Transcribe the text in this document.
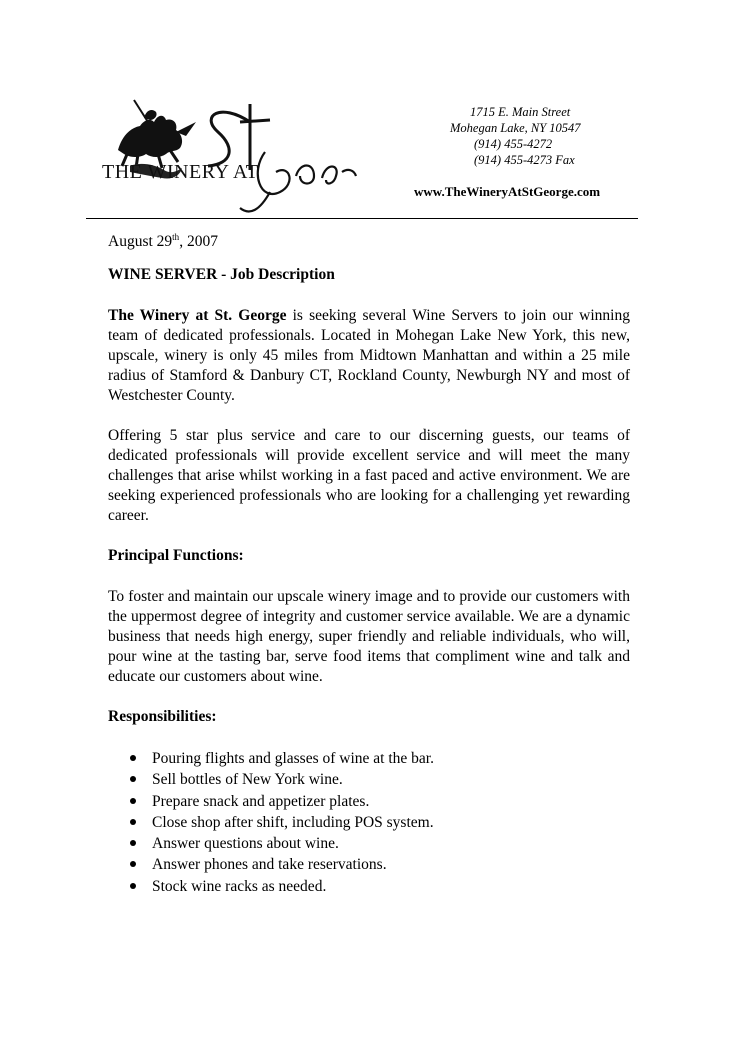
THE WINERY AT
1715 E. Main Street
Mohegan Lake, NY 10547
(914) 455-4272
(914) 455-4273 Fax
www.TheWineryAtStGeorge.com

August 29th, 2007

WINE SERVER - Job Description

The Winery at St. George is seeking several Wine Servers to join our winning team of dedicated professionals. Located in Mohegan Lake New York, this new, upscale, winery is only 45 miles from Midtown Manhattan and within a 25 mile radius of Stamford & Danbury CT, Rockland County, Newburgh NY and most of Westchester County.

Offering 5 star plus service and care to our discerning guests, our teams of dedicated professionals will provide excellent service and will meet the many challenges that arise whilst working in a fast paced and active environment. We are seeking experienced professionals who are looking for a challenging yet rewarding career.

Principal Functions:

To foster and maintain our upscale winery image and to provide our customers with the uppermost degree of integrity and customer service available. We are a dynamic business that needs high energy, super friendly and reliable individuals, who will, pour wine at the tasting bar, serve food items that compliment wine and talk and educate our customers about wine.

Responsibilities:

Pouring flights and glasses of wine at the bar.
Sell bottles of New York wine.
Prepare snack and appetizer plates.
Close shop after shift, including POS system.
Answer questions about wine.
Answer phones and take reservations.
Stock wine racks as needed.
